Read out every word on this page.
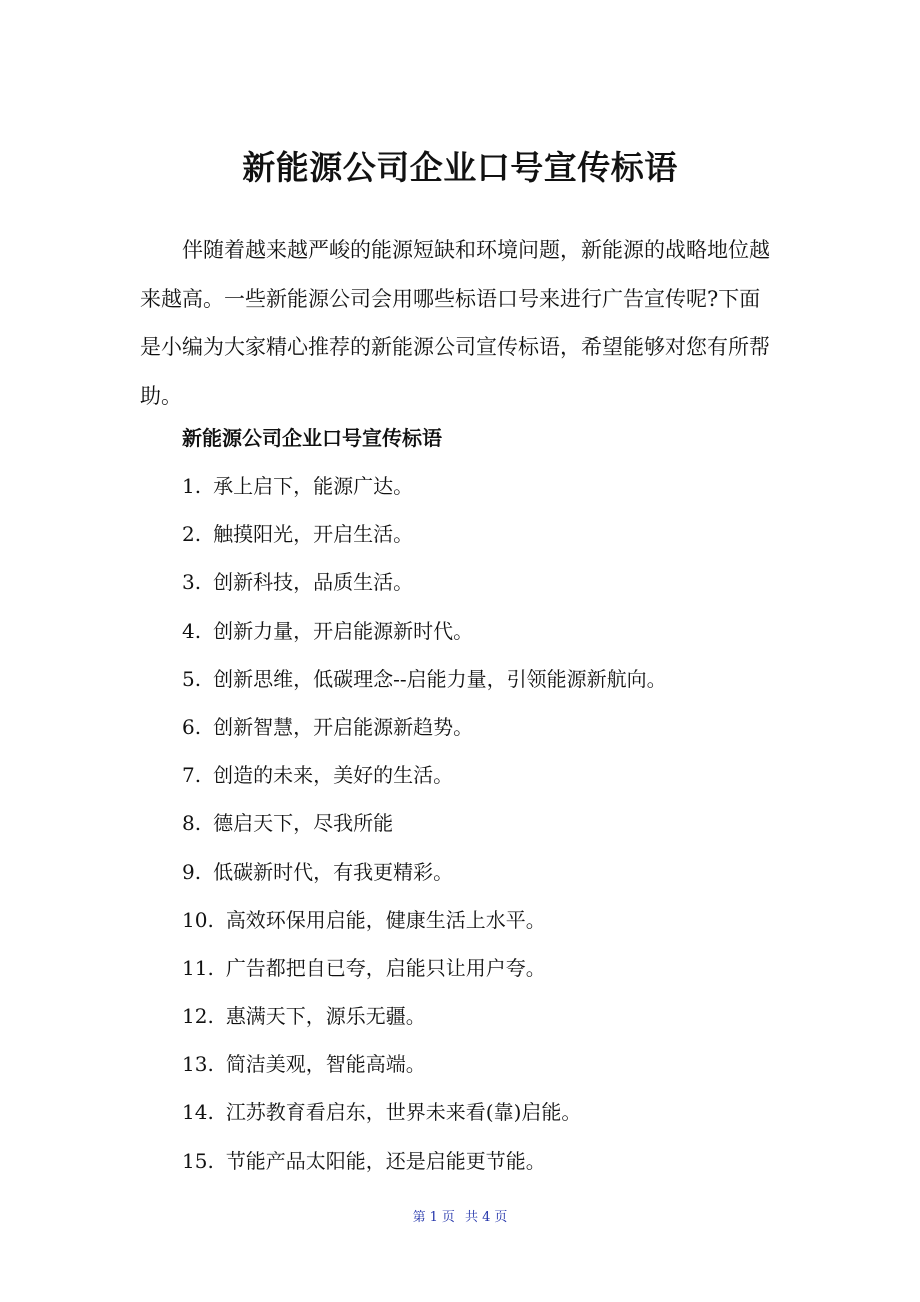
新能源公司企业口号宣传标语

伴随着越来越严峻的能源短缺和环境问题，新能源的战略地位越来越高。一些新能源公司会用哪些标语口号来进行广告宣传呢?下面是小编为大家精心推荐的新能源公司宣传标语，希望能够对您有所帮助。

新能源公司企业口号宣传标语
1. 承上启下，能源广达。
2. 触摸阳光，开启生活。
3. 创新科技，品质生活。
4. 创新力量，开启能源新时代。
5. 创新思维，低碳理念--启能力量，引领能源新航向。
6. 创新智慧，开启能源新趋势。
7. 创造的未来，美好的生活。
8. 德启天下，尽我所能
9. 低碳新时代，有我更精彩。
10. 高效环保用启能，健康生活上水平。
11. 广告都把自已夸，启能只让用户夸。
12. 惠满天下，源乐无疆。
13. 简洁美观，智能高端。
14. 江苏教育看启东，世界未来看(靠)启能。
15. 节能产品太阳能，还是启能更节能。
第 1 页 共 4 页
